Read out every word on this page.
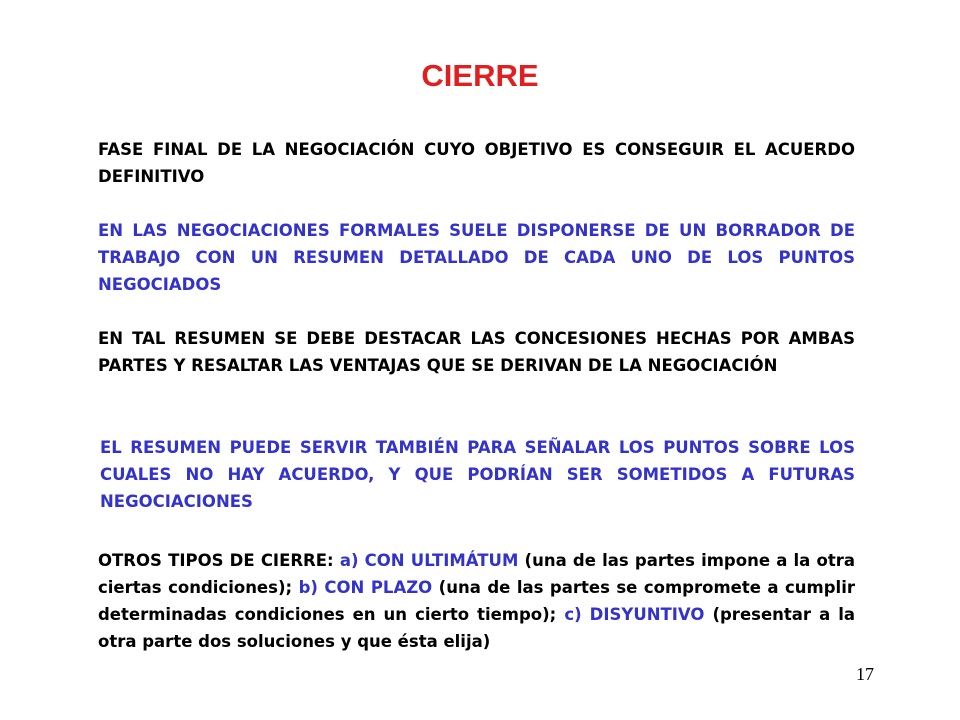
CIERRE

FASE FINAL DE LA NEGOCIACIÓN CUYO OBJETIVO ES CONSEGUIR EL ACUERDO DEFINITIVO

EN LAS NEGOCIACIONES FORMALES SUELE DISPONERSE DE UN BORRADOR DE TRABAJO CON UN RESUMEN DETALLADO DE CADA UNO DE LOS PUNTOS NEGOCIADOS

EN TAL RESUMEN SE DEBE DESTACAR LAS CONCESIONES HECHAS POR AMBAS PARTES Y RESALTAR LAS VENTAJAS QUE SE DERIVAN DE LA NEGOCIACIÓN

EL RESUMEN PUEDE SERVIR TAMBIÉN PARA SEÑALAR LOS PUNTOS SOBRE LOS CUALES NO HAY ACUERDO, Y QUE PODRÍAN SER SOMETIDOS A FUTURAS NEGOCIACIONES

OTROS TIPOS DE CIERRE: a) CON ULTIMÁTUM (una de las partes impone a la otra ciertas condiciones); b) CON PLAZO (una de las partes se compromete a cumplir determinadas condiciones en un cierto tiempo); c) DISYUNTIVO (presentar a la otra parte dos soluciones y que ésta elija)

17
